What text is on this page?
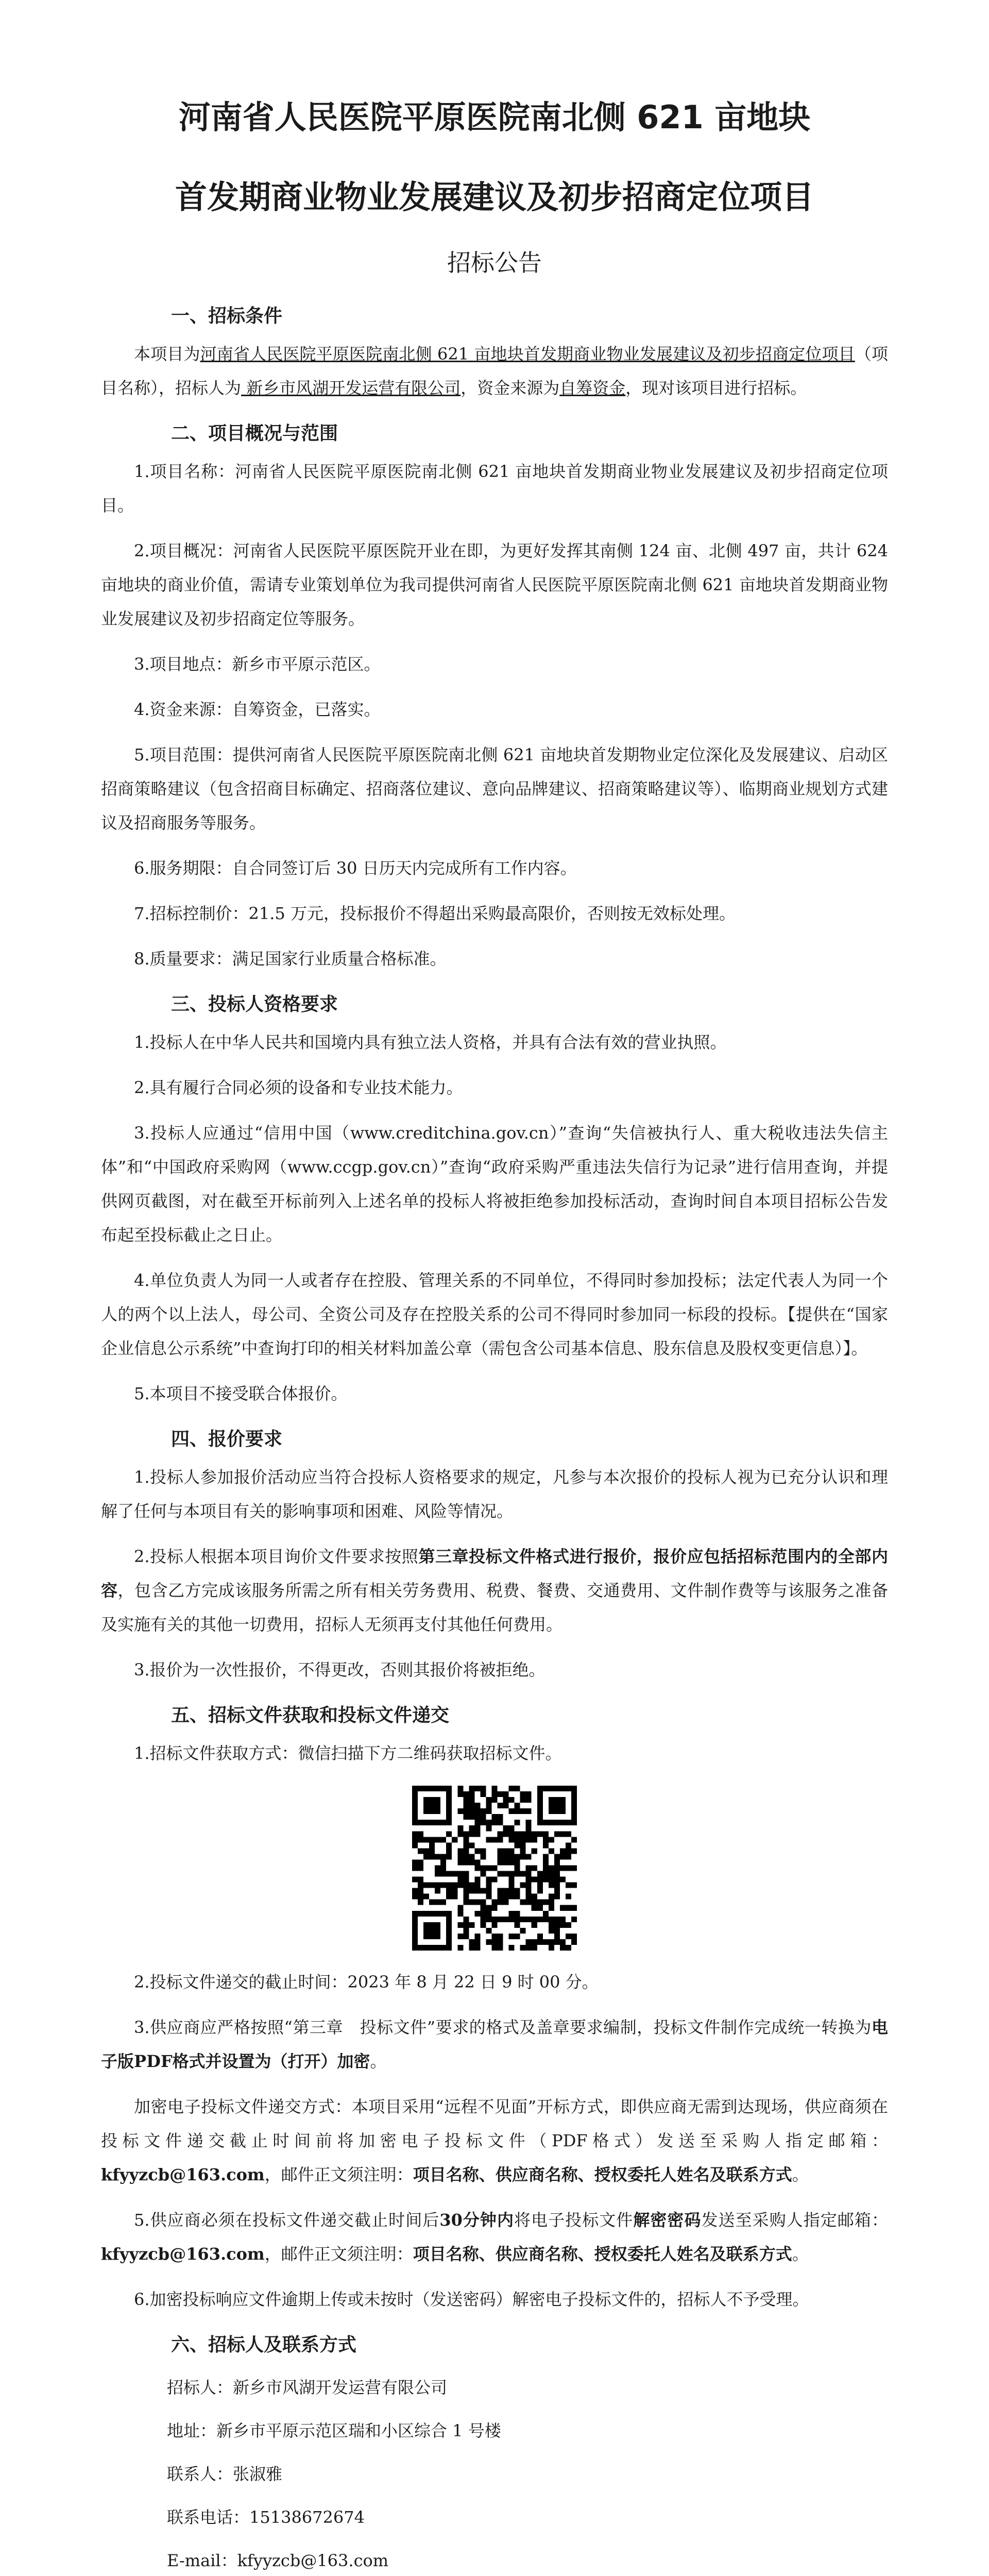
河南省人民医院平原医院南北侧 621 亩地块
首发期商业物业发展建议及初步招商定位项目
招标公告
一、招标条件

本项目为河南省人民医院平原医院南北侧 621 亩地块首发期商业物业发展建议及初步招商定位项目（项目名称），招标人为 新乡市风湖开发运营有限公司，资金来源为自筹资金，现对该项目进行招标。

二、项目概况与范围

1.项目名称：河南省人民医院平原医院南北侧 621 亩地块首发期商业物业发展建议及初步招商定位项目。

2.项目概况：河南省人民医院平原医院开业在即，为更好发挥其南侧 124 亩、北侧 497 亩，共计 624 亩地块的商业价值，需请专业策划单位为我司提供河南省人民医院平原医院南北侧 621 亩地块首发期商业物业发展建议及初步招商定位等服务。

3.项目地点：新乡市平原示范区。

4.资金来源：自筹资金，已落实。

5.项目范围：提供河南省人民医院平原医院南北侧 621 亩地块首发期物业定位深化及发展建议、启动区招商策略建议（包含招商目标确定、招商落位建议、意向品牌建议、招商策略建议等）、临期商业规划方式建议及招商服务等服务。

6.服务期限：自合同签订后 30 日历天内完成所有工作内容。

7.招标控制价：21.5 万元，投标报价不得超出采购最高限价，否则按无效标处理。

8.质量要求：满足国家行业质量合格标准。

三、投标人资格要求

1.投标人在中华人民共和国境内具有独立法人资格，并具有合法有效的营业执照。

2.具有履行合同必须的设备和专业技术能力。

3.投标人应通过“信用中国（www.creditchina.gov.cn）”查询“失信被执行人、重大税收违法失信主体”和“中国政府采购网（www.ccgp.gov.cn）”查询“政府采购严重违法失信行为记录”进行信用查询，并提供网页截图，对在截至开标前列入上述名单的投标人将被拒绝参加投标活动，查询时间自本项目招标公告发布起至投标截止之日止。

4.单位负责人为同一人或者存在控股、管理关系的不同单位，不得同时参加投标；法定代表人为同一个人的两个以上法人，母公司、全资公司及存在控股关系的公司不得同时参加同一标段的投标。【提供在“国家企业信息公示系统”中查询打印的相关材料加盖公章（需包含公司基本信息、股东信息及股权变更信息）】。

5.本项目不接受联合体报价。

四、报价要求

1.投标人参加报价活动应当符合投标人资格要求的规定，凡参与本次报价的投标人视为已充分认识和理解了任何与本项目有关的影响事项和困难、风险等情况。

2.投标人根据本项目询价文件要求按照第三章投标文件格式进行报价，报价应包括招标范围内的全部内容，包含乙方完成该服务所需之所有相关劳务费用、税费、餐费、交通费用、文件制作费等与该服务之准备及实施有关的其他一切费用，招标人无须再支付其他任何费用。

3.报价为一次性报价，不得更改，否则其报价将被拒绝。

五、招标文件获取和投标文件递交

1.招标文件获取方式：微信扫描下方二维码获取招标文件。

2.投标文件递交的截止时间：2023 年 8 月 22 日 9 时 00 分。

3.供应商应严格按照“第三章　投标文件”要求的格式及盖章要求编制，投标文件制作完成统一转换为电子版PDF格式并设置为（打开）加密。

加密电子投标文件递交方式：本项目采用“远程不见面”开标方式，即供应商无需到达现场，供应商须在投标文件递交截止时间前将加密电子投标文件（PDF格式）发送至采购人指定邮箱：kfyyzcb@163.com，邮件正文须注明：项目名称、供应商名称、授权委托人姓名及联系方式。

5.供应商必须在投标文件递交截止时间后30分钟内将电子投标文件解密密码发送至采购人指定邮箱：kfyyzcb@163.com，邮件正文须注明：项目名称、供应商名称、授权委托人姓名及联系方式。

6.加密投标响应文件逾期上传或未按时（发送密码）解密电子投标文件的，招标人不予受理。

六、招标人及联系方式
招标人：新乡市风湖开发运营有限公司
地址：新乡市平原示范区瑞和小区综合 1 号楼
联系人：张淑雅
联系电话：15138672674
E-mail：kfyyzcb@163.com
